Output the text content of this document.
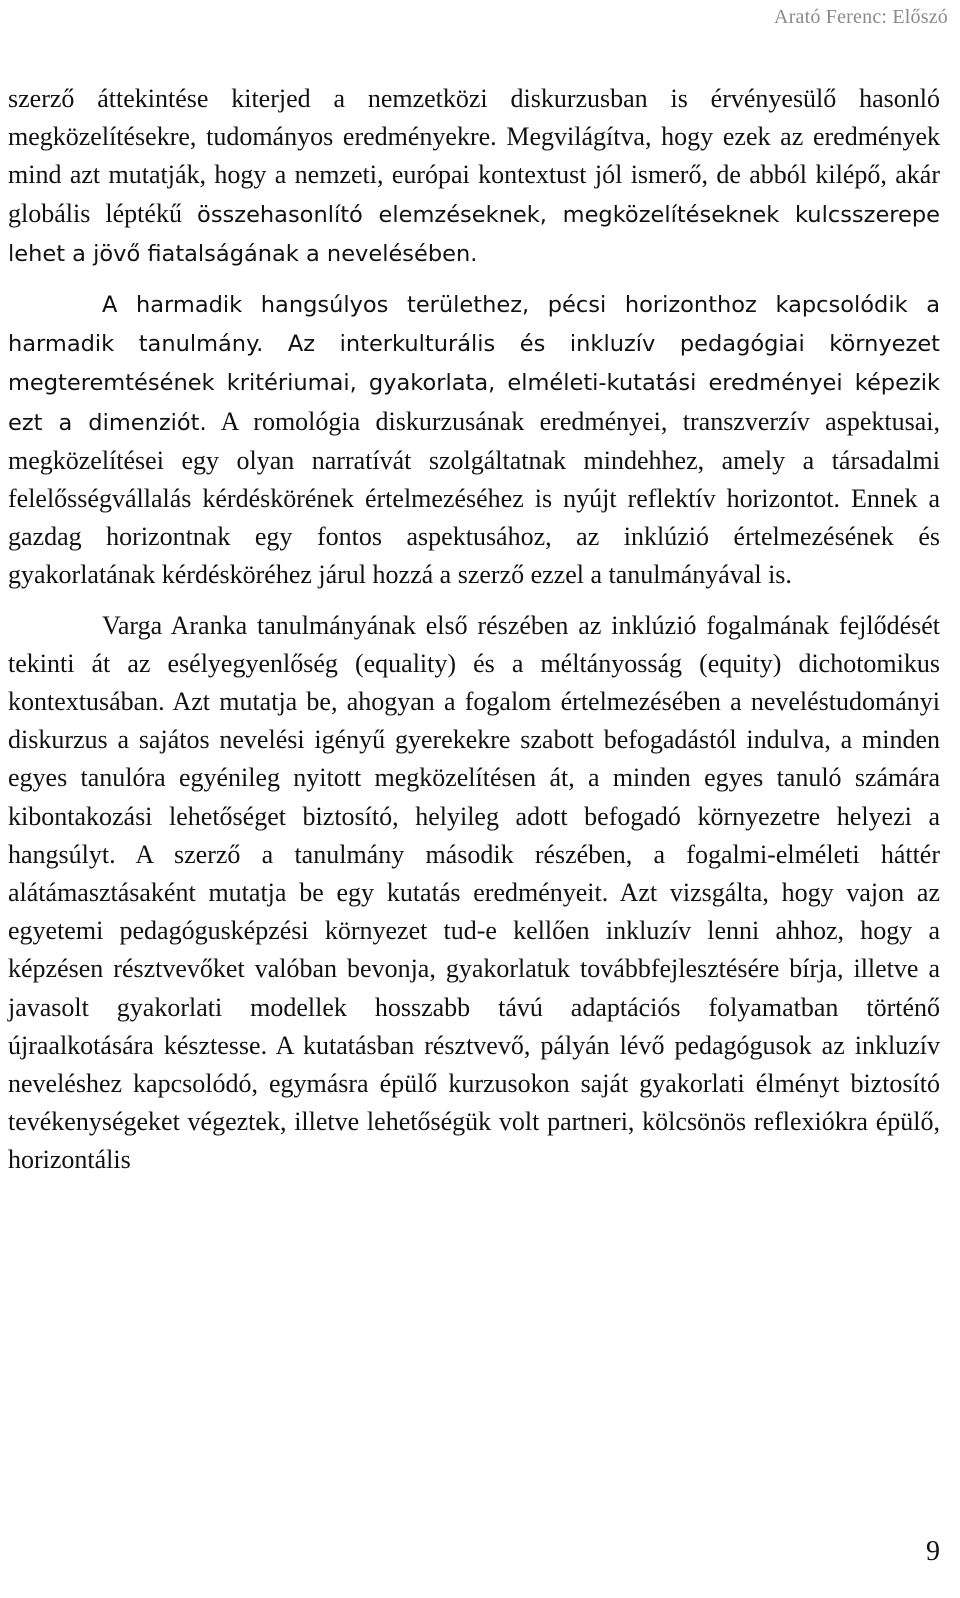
Arató Ferenc: Előszó

szerző áttekintése kiterjed a nemzetközi diskurzusban is érvényesülő hasonló megközelítésekre, tudományos eredményekre. Megvilágítva, hogy ezek az eredmények mind azt mutatják, hogy a nemzeti, európai kontextust jól ismerő, de abból kilépő, akár globális léptékű összehasonlító elemzéseknek, megközelítéseknek kulcsszerepe lehet a jövő fiatalságának a nevelésében.

A harmadik hangsúlyos területhez, pécsi horizonthoz kapcsolódik a harmadik tanulmány. Az interkulturális és inkluzív pedagógiai környezet megteremtésének kritériumai, gyakorlata, elméleti-kutatási eredményei képezik ezt a dimenziót. A romológia diskurzusának eredményei, transzverzív aspektusai, megközelítései egy olyan narratívát szolgáltatnak mindehhez, amely a társadalmi felelősségvállalás kérdéskörének értelmezéséhez is nyújt reflektív horizontot. Ennek a gazdag horizontnak egy fontos aspektusához, az inklúzió értelmezésének és gyakorlatának kérdésköréhez járul hozzá a szerző ezzel a tanulmányával is.

Varga Aranka tanulmányának első részében az inklúzió fogalmának fejlődését tekinti át az esélyegyenlőség (equality) és a méltányosság (equity) dichotomikus kontextusában. Azt mutatja be, ahogyan a fogalom értelmezésében a neveléstudományi diskurzus a sajátos nevelési igényű gyerekekre szabott befogadástól indulva, a minden egyes tanulóra egyénileg nyitott megközelítésen át, a minden egyes tanuló számára kibontakozási lehetőséget biztosító, helyileg adott befogadó környezetre helyezi a hangsúlyt. A szerző a tanulmány második részében, a fogalmi-elméleti háttér alátámasztásaként mutatja be egy kutatás eredményeit. Azt vizsgálta, hogy vajon az egyetemi pedagógusképzési környezet tud-e kellően inkluzív lenni ahhoz, hogy a képzésen résztvevőket valóban bevonja, gyakorlatuk továbbfejlesztésére bírja, illetve a javasolt gyakorlati modellek hosszabb távú adaptációs folyamatban történő újraalkotására késztesse. A kutatásban résztvevő, pályán lévő pedagógusok az inkluzív neveléshez kapcsolódó, egymásra épülő kurzusokon saját gyakorlati élményt biztosító tevékenységeket végeztek, illetve lehetőségük volt partneri, kölcsönös reflexiókra épülő, horizontális

9
